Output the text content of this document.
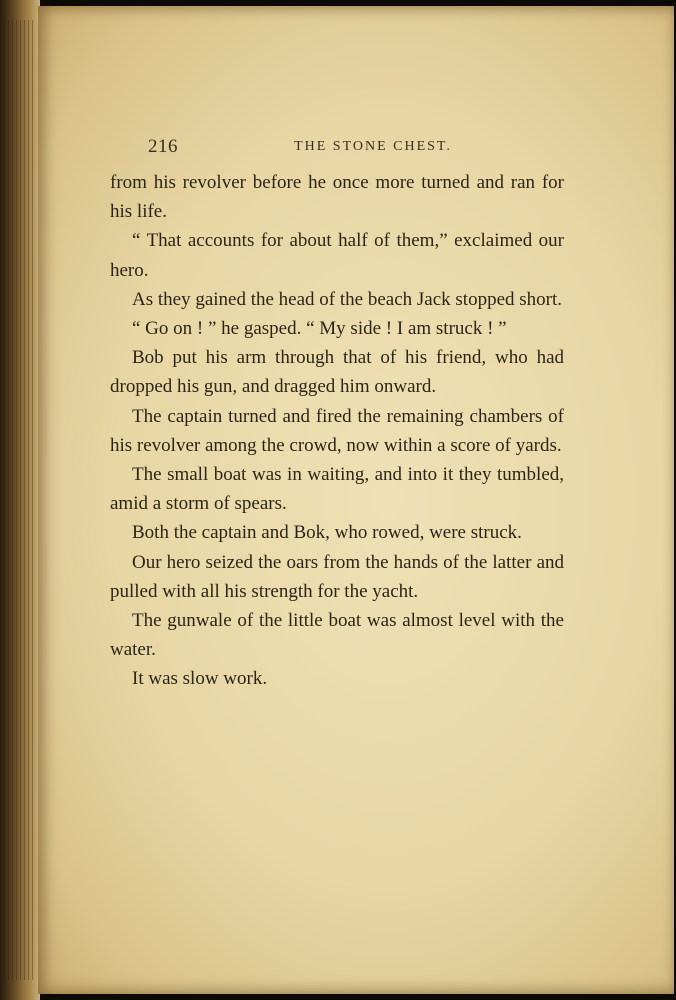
216	THE STONE CHEST.

from his revolver before he once more turned and ran for his life.

“ That accounts for about half of them,” exclaimed our hero.

As they gained the head of the beach Jack stopped short.

“ Go on ! ” he gasped. “ My side ! I am struck ! ”

Bob put his arm through that of his friend, who had dropped his gun, and dragged him onward.

The captain turned and fired the remaining chambers of his revolver among the crowd, now within a score of yards.

The small boat was in waiting, and into it they tumbled, amid a storm of spears.

Both the captain and Bok, who rowed, were struck.

Our hero seized the oars from the hands of the latter and pulled with all his strength for the yacht.

The gunwale of the little boat was almost level with the water.

It was slow work.
